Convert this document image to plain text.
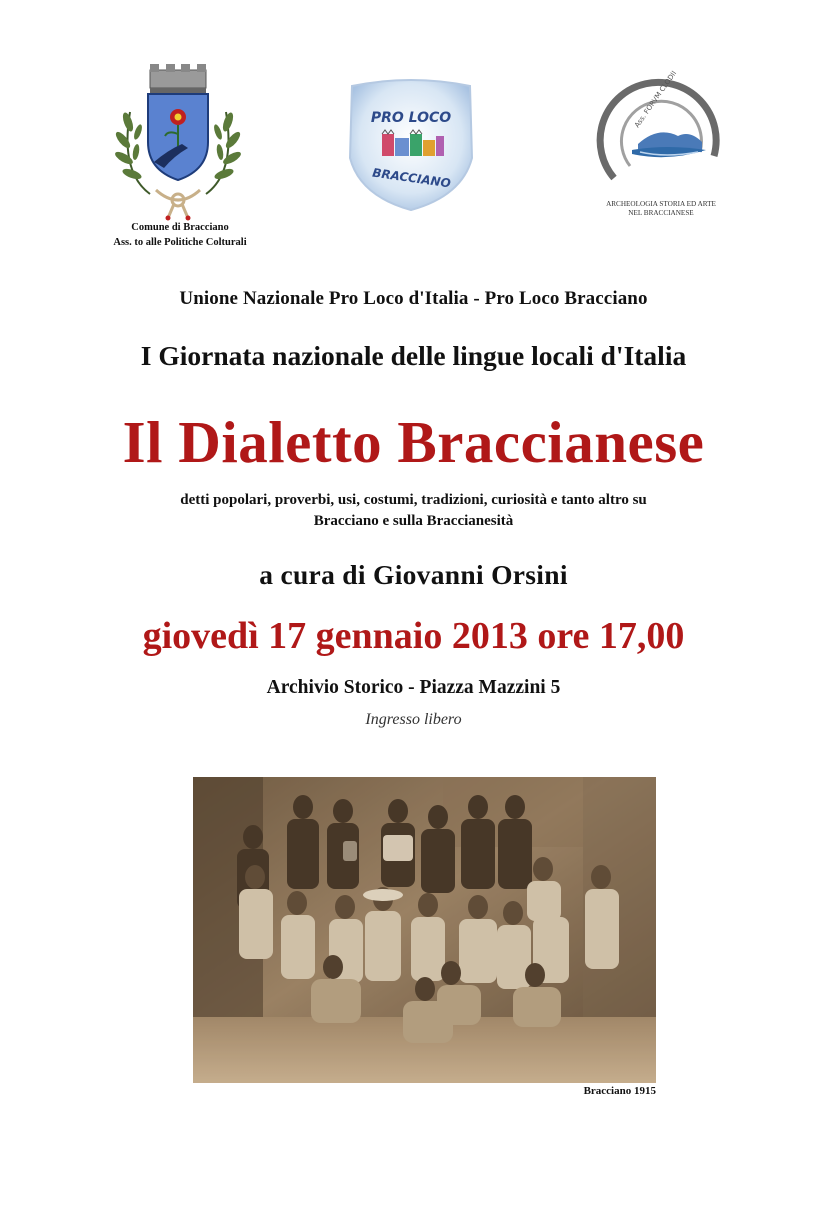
Comune di Bracciano
Ass. to alle Politiche Colturali
PRO LOCO
BRACCIANO
Ass. FORVM CLODII
ARCHEOLOGIA STORIA ED ARTE
NEL BRACCIANESE
Unione Nazionale Pro Loco d'Italia - Pro Loco Bracciano
I Giornata nazionale delle lingue locali d'Italia
Il Dialetto Braccianese
detti popolari, proverbi, usi, costumi, tradizioni, curiosità e tanto altro su
Bracciano e sulla Braccianesità
a cura di Giovanni Orsini
giovedì 17 gennaio 2013 ore 17,00
Archivio Storico - Piazza Mazzini 5
Ingresso libero
Bracciano 1915
